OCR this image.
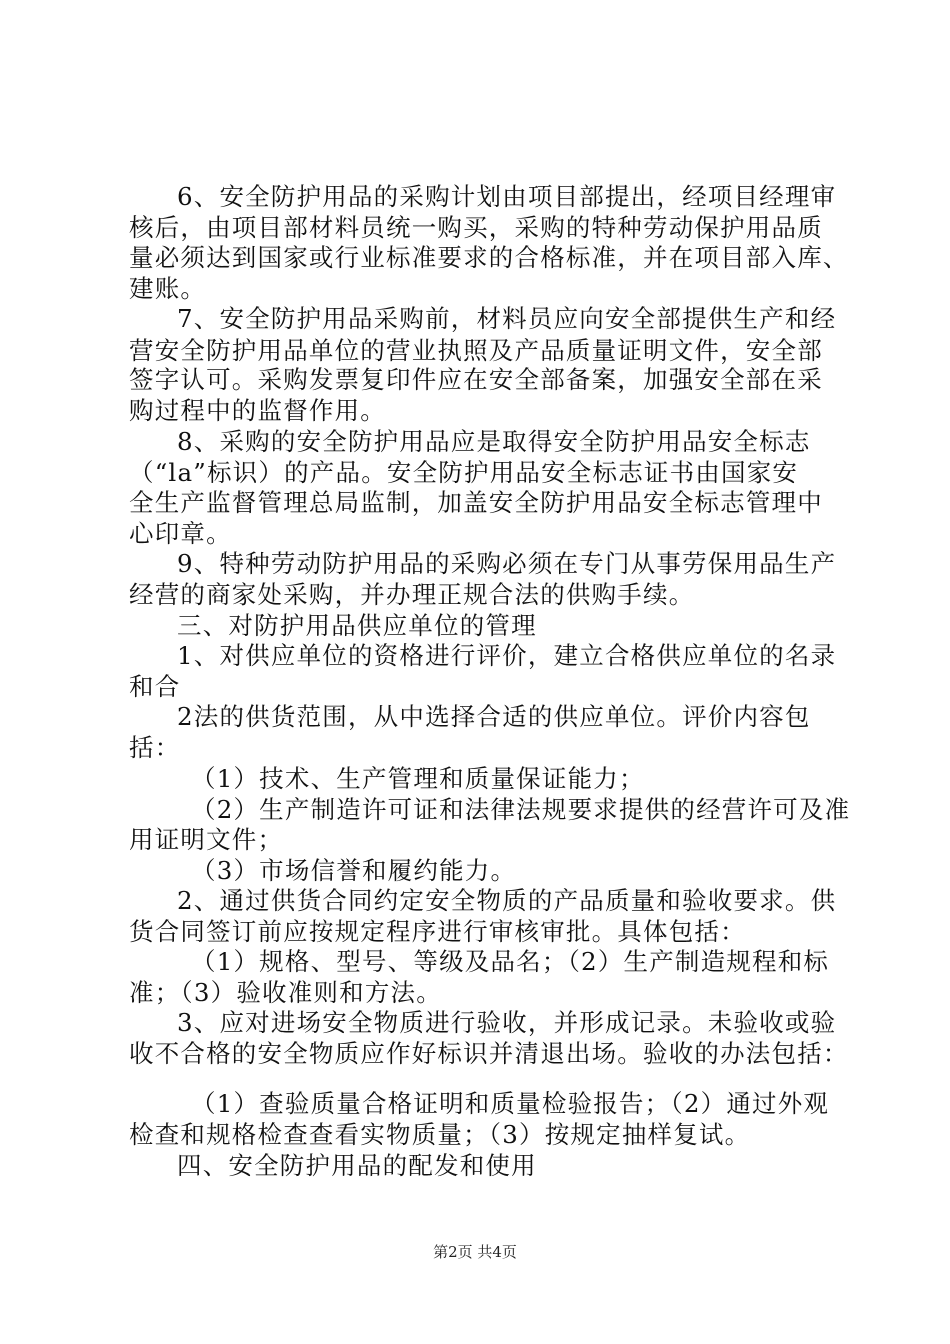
6、安全防护用品的采购计划由项目部提出，经项目经理审
核后，由项目部材料员统一购买，采购的特种劳动保护用品质
量必须达到国家或行业标准要求的合格标准，并在项目部入库、
建账。
7、安全防护用品采购前，材料员应向安全部提供生产和经
营安全防护用品单位的营业执照及产品质量证明文件，安全部
签字认可。采购发票复印件应在安全部备案，加强安全部在采
购过程中的监督作用。
8、采购的安全防护用品应是取得安全防护用品安全标志
（“la”标识）的产品。安全防护用品安全标志证书由国家安
全生产监督管理总局监制，加盖安全防护用品安全标志管理中
心印章。
9、特种劳动防护用品的采购必须在专门从事劳保用品生产
经营的商家处采购，并办理正规合法的供购手续。
三、对防护用品供应单位的管理
1、对供应单位的资格进行评价，建立合格供应单位的名录
和合
2法的供货范围，从中选择合适的供应单位。评价内容包
括：
（1）技术、生产管理和质量保证能力；
（2）生产制造许可证和法律法规要求提供的经营许可及准
用证明文件；
（3）市场信誉和履约能力。
2、通过供货合同约定安全物质的产品质量和验收要求。供
货合同签订前应按规定程序进行审核审批。具体包括：
（1）规格、型号、等级及品名；（2）生产制造规程和标
准；（3）验收准则和方法。
3、应对进场安全物质进行验收，并形成记录。未验收或验
收不合格的安全物质应作好标识并清退出场。验收的办法包括：
（1）查验质量合格证明和质量检验报告；（2）通过外观
检查和规格检查查看实物质量；（3）按规定抽样复试。
四、安全防护用品的配发和使用
第2页 共4页
